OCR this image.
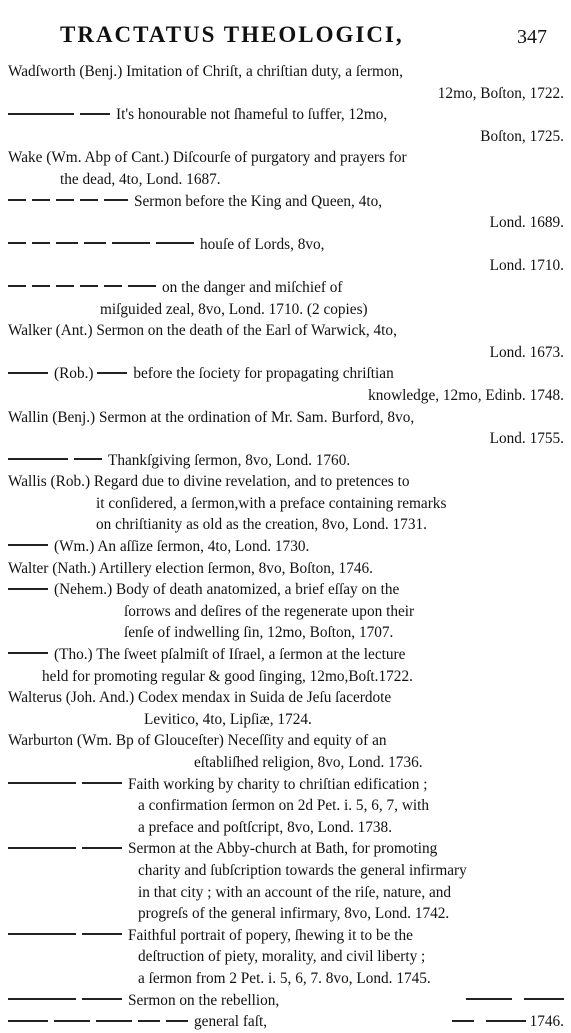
TRACTATUS THEOLOGICI,	347
Wadſworth (Benj.) Imitation of Chriſt, a chriſtian duty, a ſermon,
12mo, Boſton, 1722.
It's honourable not ſhameful to ſuffer, 12mo,
Boſton, 1725.
Wake (Wm. Abp of Cant.) Diſcourſe of purgatory and prayers for
the dead, 4to, Lond. 1687.
Sermon before the King and Queen, 4to,
Lond. 1689.
houſe of Lords, 8vo,
Lond. 1710.
on the danger and miſchief of
miſguided zeal, 8vo, Lond. 1710. (2 copies)
Walker (Ant.) Sermon on the death of the Earl of Warwick, 4to,
Lond. 1673.
(Rob.)	before the ſociety for propagating chriſtian
knowledge, 12mo, Edinb. 1748.
Wallin (Benj.) Sermon at the ordination of Mr. Sam. Burford, 8vo,
Lond. 1755.
Thankſgiving ſermon, 8vo, Lond. 1760.
Wallis (Rob.) Regard due to divine revelation, and to pretences to
it conſidered, a ſermon,with a preface containing remarks
on chriſtianity as old as the creation, 8vo, Lond. 1731.
(Wm.) An aſſize ſermon, 4to, Lond. 1730.
Walter (Nath.) Artillery election ſermon, 8vo, Boſton, 1746.
(Nehem.) Body of death anatomized, a brief eſſay on the
ſorrows and deſires of the regenerate upon their
ſenſe of indwelling ſin, 12mo, Boſton, 1707.
(Tho.) The ſweet pſalmiſt of Iſrael, a ſermon at the lecture
held for promoting regular & good ſinging, 12mo,Boſt.1722.
Walterus (Joh. And.) Codex mendax in Suida de Jeſu ſacerdote
Levitico, 4to, Lipſiæ, 1724.
Warburton (Wm. Bp of Glouceſter) Neceſſity and equity of an
eſtabliſhed religion, 8vo, Lond. 1736.
Faith working by charity to chriſtian edification ;
a confirmation ſermon on 2d Pet. i. 5, 6, 7, with
a preface and poſtſcript, 8vo, Lond. 1738.
Sermon at the Abby-church at Bath, for promoting
charity and ſubſcription towards the general infirmary
in that city ; with an account of the riſe, nature, and
progreſs of the general infirmary, 8vo, Lond. 1742.
Faithful portrait of popery, ſhewing it to be the
deſtruction of piety, morality, and civil liberty ;
a ſermon from 2 Pet. i. 5, 6, 7. 8vo, Lond. 1745.
Sermon on the rebellion,
general faſt,	1746.
